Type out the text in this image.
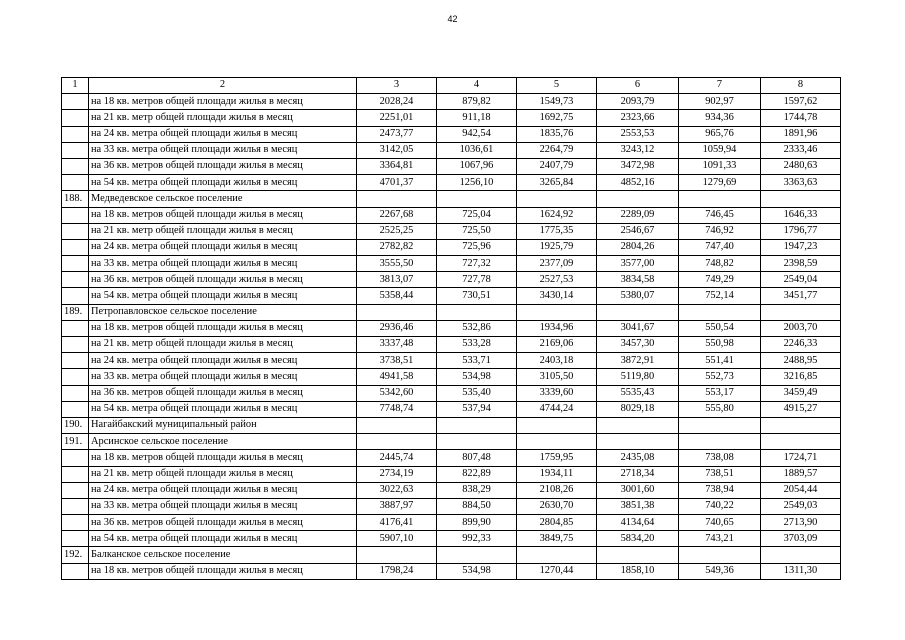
42
1	2	3	4	5	6	7	8
	на 18 кв. метров общей площади жилья в месяц	2028,24	879,82	1549,73	2093,79	902,97	1597,62
	на 21 кв. метр общей площади жилья в месяц	2251,01	911,18	1692,75	2323,66	934,36	1744,78
	на 24 кв. метра общей площади жилья в месяц	2473,77	942,54	1835,76	2553,53	965,76	1891,96
	на 33 кв. метра общей площади жилья в месяц	3142,05	1036,61	2264,79	3243,12	1059,94	2333,46
	на 36 кв. метров общей площади жилья в месяц	3364,81	1067,96	2407,79	3472,98	1091,33	2480,63
	на 54 кв. метра общей площади жилья в месяц	4701,37	1256,10	3265,84	4852,16	1279,69	3363,63
188.	Медведевское сельское поселение						
	на 18 кв. метров общей площади жилья в месяц	2267,68	725,04	1624,92	2289,09	746,45	1646,33
	на 21 кв. метр общей площади жилья в месяц	2525,25	725,50	1775,35	2546,67	746,92	1796,77
	на 24 кв. метра общей площади жилья в месяц	2782,82	725,96	1925,79	2804,26	747,40	1947,23
	на 33 кв. метра общей площади жилья в месяц	3555,50	727,32	2377,09	3577,00	748,82	2398,59
	на 36 кв. метров общей площади жилья в месяц	3813,07	727,78	2527,53	3834,58	749,29	2549,04
	на 54 кв. метра общей площади жилья в месяц	5358,44	730,51	3430,14	5380,07	752,14	3451,77
189.	Петропавловское сельское поселение						
	на 18 кв. метров общей площади жилья в месяц	2936,46	532,86	1934,96	3041,67	550,54	2003,70
	на 21 кв. метр общей площади жилья в месяц	3337,48	533,28	2169,06	3457,30	550,98	2246,33
	на 24 кв. метра общей площади жилья в месяц	3738,51	533,71	2403,18	3872,91	551,41	2488,95
	на 33 кв. метра общей площади жилья в месяц	4941,58	534,98	3105,50	5119,80	552,73	3216,85
	на 36 кв. метров общей площади жилья в месяц	5342,60	535,40	3339,60	5535,43	553,17	3459,49
	на 54 кв. метра общей площади жилья в месяц	7748,74	537,94	4744,24	8029,18	555,80	4915,27
190.	Нагайбакский муниципальный район						
191.	Арсинское сельское поселение						
	на 18 кв. метров общей площади жилья в месяц	2445,74	807,48	1759,95	2435,08	738,08	1724,71
	на 21 кв. метр общей площади жилья в месяц	2734,19	822,89	1934,11	2718,34	738,51	1889,57
	на 24 кв. метра общей площади жилья в месяц	3022,63	838,29	2108,26	3001,60	738,94	2054,44
	на 33 кв. метра общей площади жилья в месяц	3887,97	884,50	2630,70	3851,38	740,22	2549,03
	на 36 кв. метров общей площади жилья в месяц	4176,41	899,90	2804,85	4134,64	740,65	2713,90
	на 54 кв. метра общей площади жилья в месяц	5907,10	992,33	3849,75	5834,20	743,21	3703,09
192.	Балканское сельское поселение						
	на 18 кв. метров общей площади жилья в месяц	1798,24	534,98	1270,44	1858,10	549,36	1311,30
